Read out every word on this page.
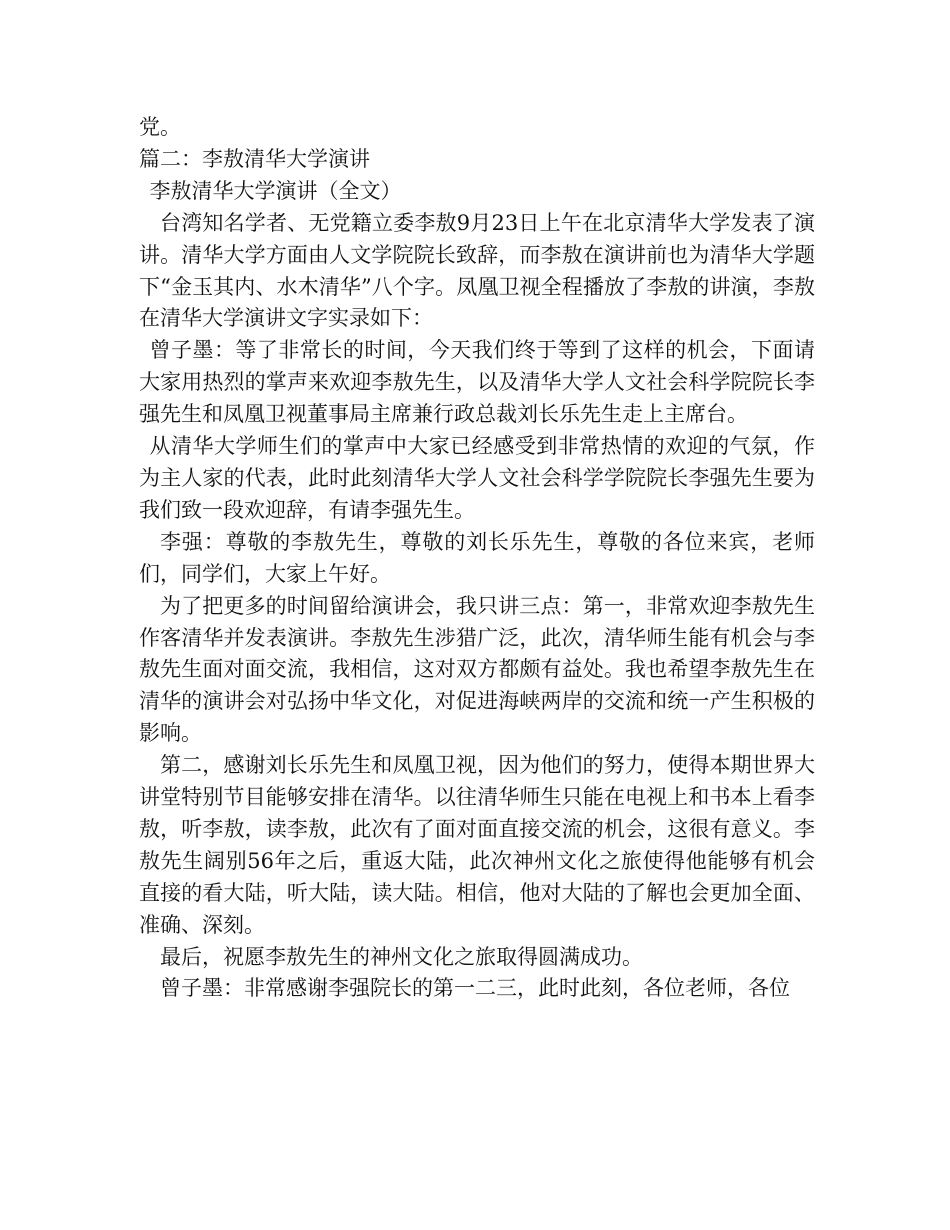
党。

篇二：李敖清华大学演讲

李敖清华大学演讲（全文）

台湾知名学者、无党籍立委李敖9月23日上午在北京清华大学发表了演讲。清华大学方面由人文学院院长致辞，而李敖在演讲前也为清华大学题下“金玉其内、水木清华”八个字。凤凰卫视全程播放了李敖的讲演，李敖在清华大学演讲文字实录如下：

曾子墨：等了非常长的时间，今天我们终于等到了这样的机会，下面请大家用热烈的掌声来欢迎李敖先生，以及清华大学人文社会科学院院长李强先生和凤凰卫视董事局主席兼行政总裁刘长乐先生走上主席台。

从清华大学师生们的掌声中大家已经感受到非常热情的欢迎的气氛，作为主人家的代表，此时此刻清华大学人文社会科学学院院长李强先生要为我们致一段欢迎辞，有请李强先生。

李强：尊敬的李敖先生，尊敬的刘长乐先生，尊敬的各位来宾，老师们，同学们，大家上午好。

为了把更多的时间留给演讲会，我只讲三点：第一，非常欢迎李敖先生作客清华并发表演讲。李敖先生涉猎广泛，此次，清华师生能有机会与李敖先生面对面交流，我相信，这对双方都颇有益处。我也希望李敖先生在清华的演讲会对弘扬中华文化，对促进海峡两岸的交流和统一产生积极的影响。

第二，感谢刘长乐先生和凤凰卫视，因为他们的努力，使得本期世界大讲堂特别节目能够安排在清华。以往清华师生只能在电视上和书本上看李敖，听李敖，读李敖，此次有了面对面直接交流的机会，这很有意义。李敖先生阔别56年之后，重返大陆，此次神州文化之旅使得他能够有机会直接的看大陆，听大陆，读大陆。相信，他对大陆的了解也会更加全面、准确、深刻。

最后，祝愿李敖先生的神州文化之旅取得圆满成功。

曾子墨：非常感谢李强院长的第一二三，此时此刻，各位老师，各位
